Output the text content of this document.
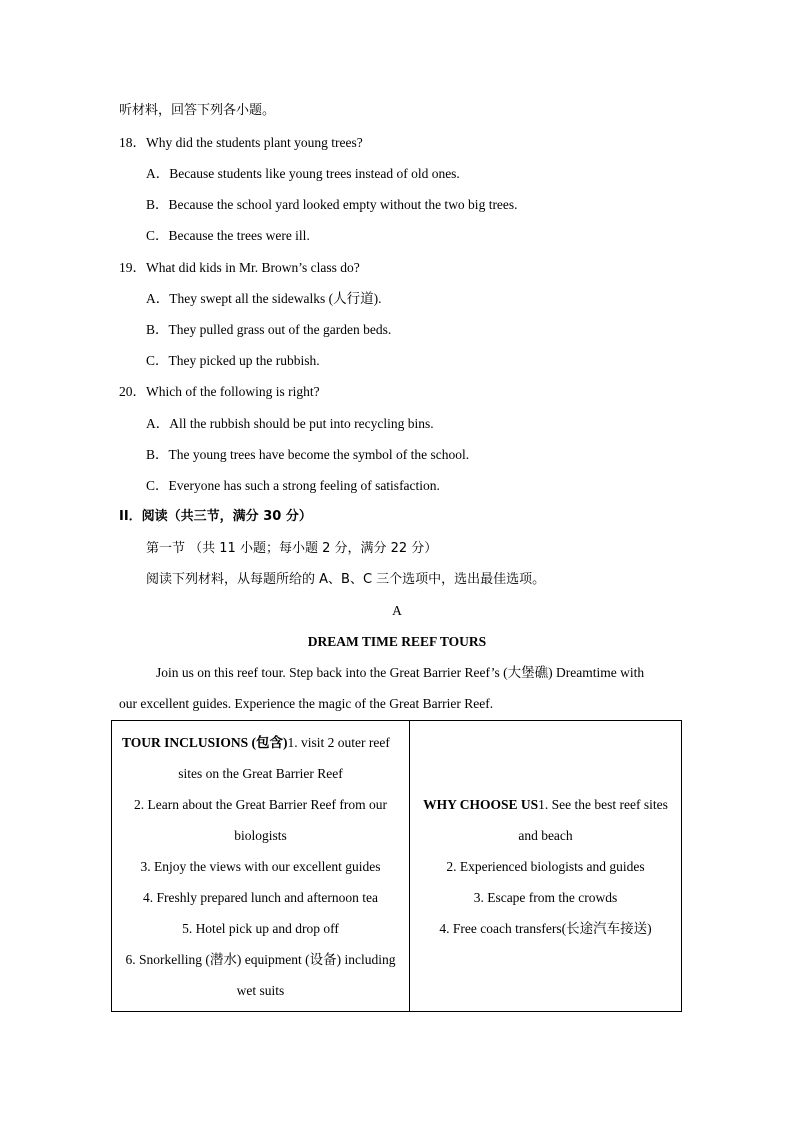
听材料，回答下列各小题。
18．Why did the students plant young trees?
A．Because students like young trees instead of old ones.
B．Because the school yard looked empty without the two big trees.
C．Because the trees were ill.
19．What did kids in Mr. Brown’s class do?
A．They swept all the sidewalks (人行道).
B．They pulled grass out of the garden beds.
C．They picked up the rubbish.
20．Which of the following is right?
A．All the rubbish should be put into recycling bins.
B．The young trees have become the symbol of the school.
C．Everyone has such a strong feeling of satisfaction.
II．阅读（共三节，满分 30 分）
第一节 （共 11 小题；每小题 2 分，满分 22 分）
阅读下列材料，从每题所给的 A、B、C 三个选项中，选出最佳选项。
A
DREAM TIME REEF TOURS
Join us on this reef tour. Step back into the Great Barrier Reef’s (大堡礁) Dreamtime with
our excellent guides. Experience the magic of the Great Barrier Reef.
TOUR INCLUSIONS (包含)1. visit 2 outer reef
sites on the Great Barrier Reef
2. Learn about the Great Barrier Reef from our
biologists
3. Enjoy the views with our excellent guides
4. Freshly prepared lunch and afternoon tea
5. Hotel pick up and drop off
6. Snorkelling (潜水) equipment (设备) including
wet suits

WHY CHOOSE US1. See the best reef sites
and beach
2. Experienced biologists and guides
3. Escape from the crowds
4. Free coach transfers(长途汽车接送)
